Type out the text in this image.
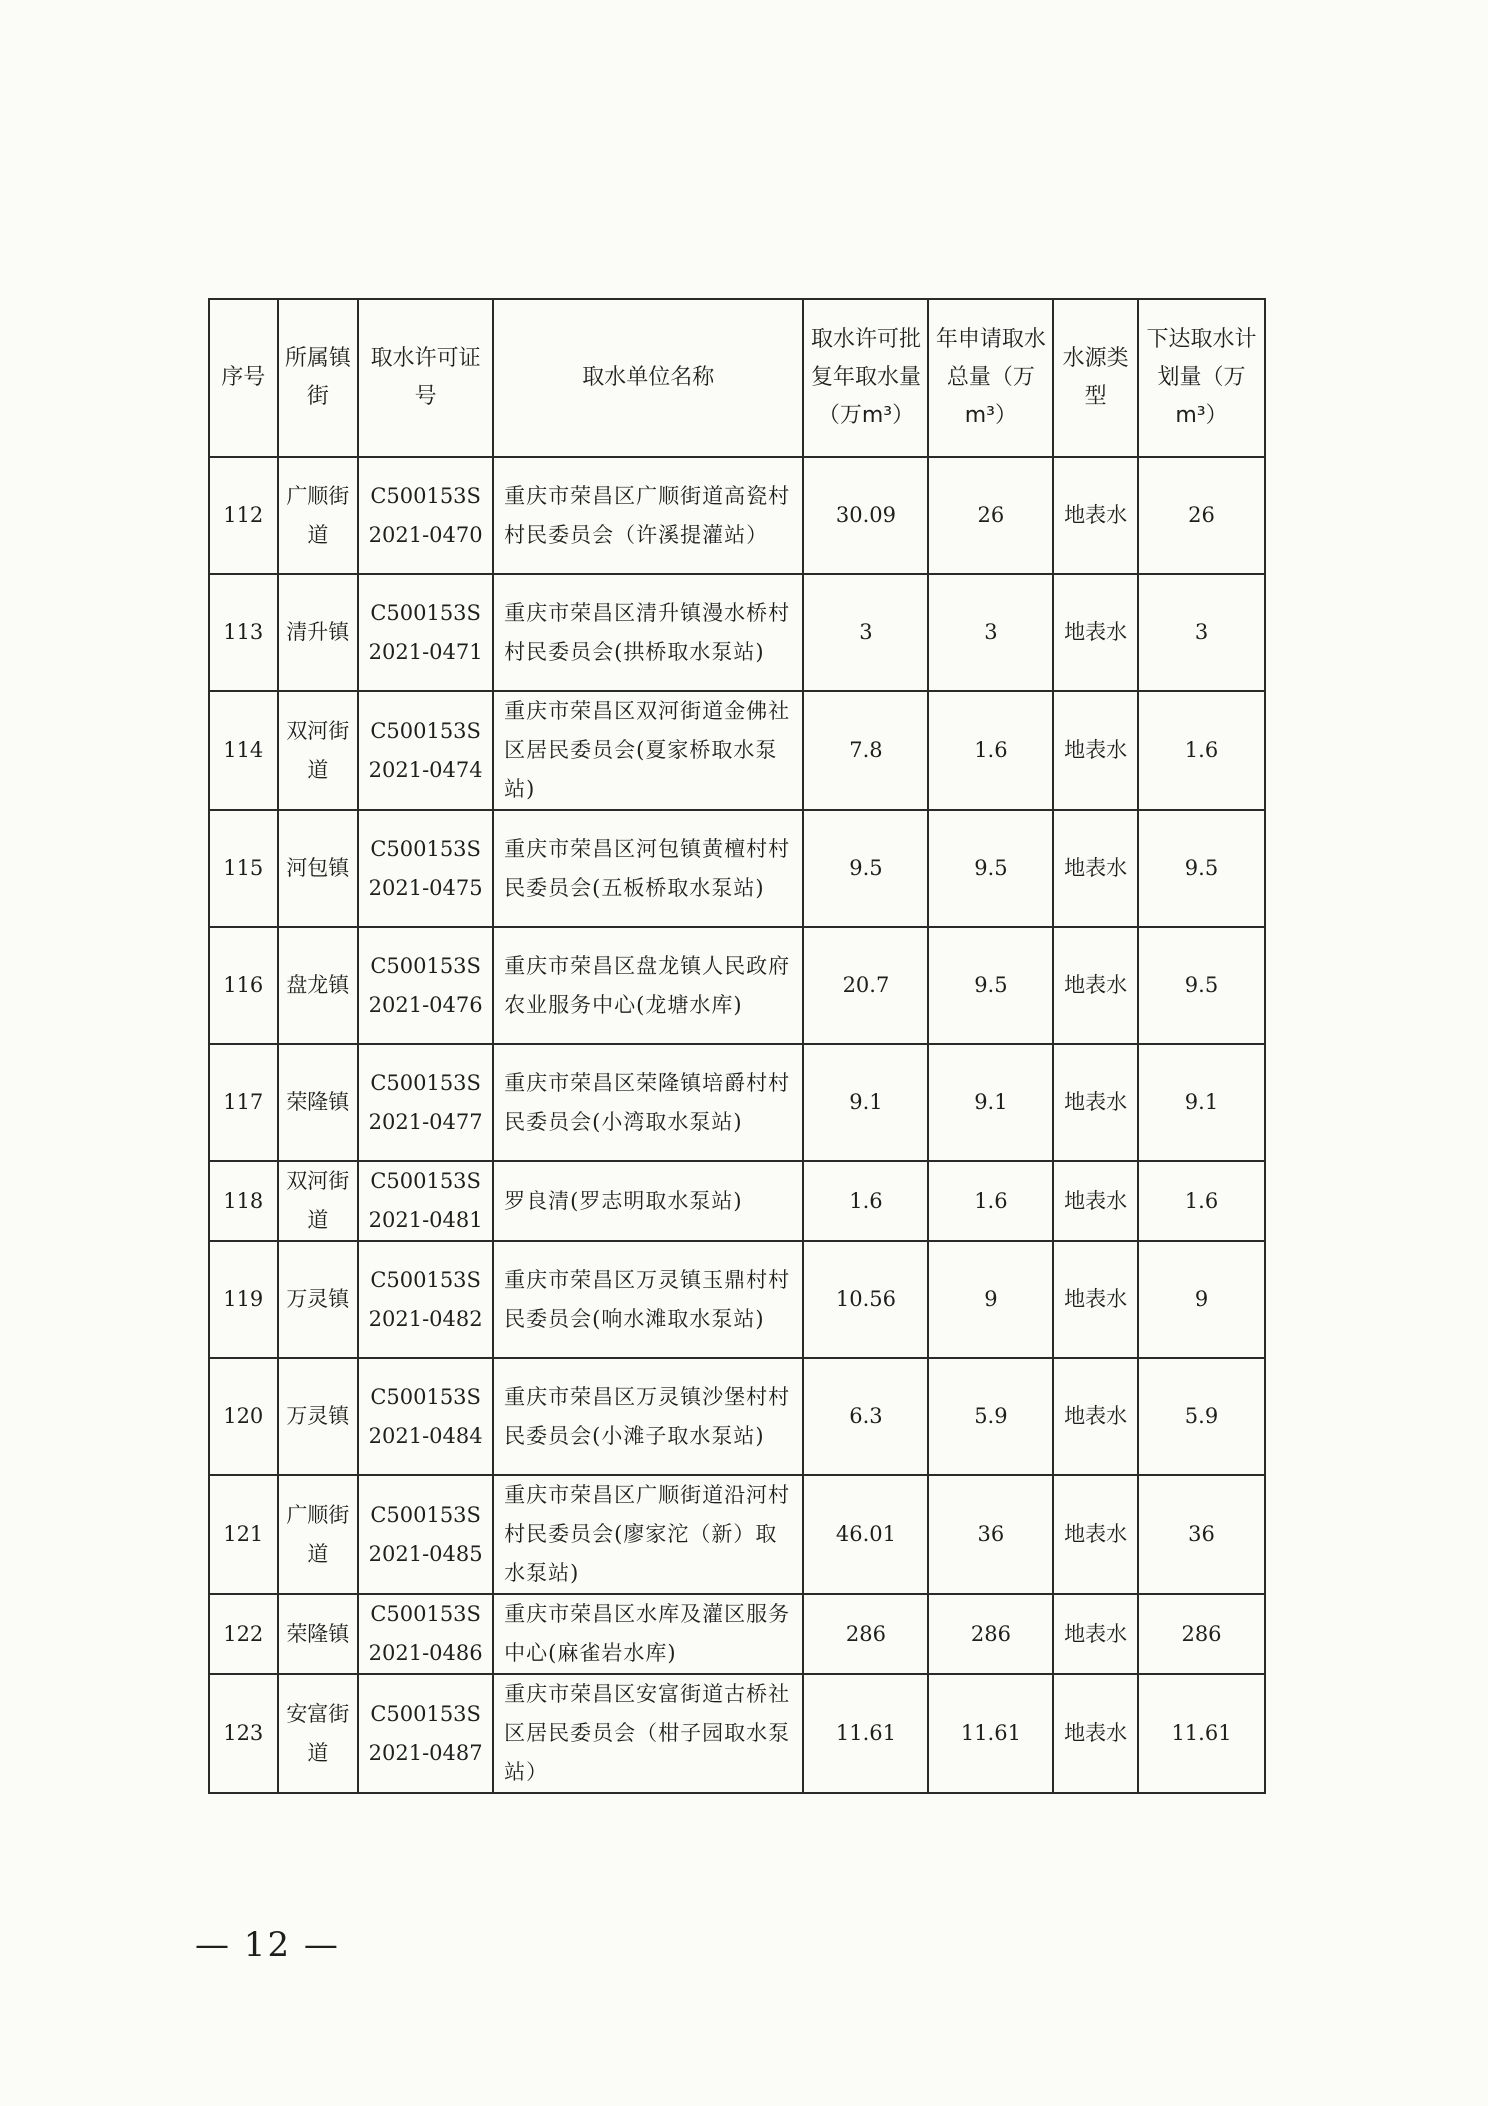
序号	所属镇街	取水许可证号	取水单位名称	取水许可批复年取水量（万m³）	年申请取水总量（万m³）	水源类型	下达取水计划量（万m³）
112	广顺街道	C500153S 2021-0470	重庆市荣昌区广顺街道高瓷村村民委员会（许溪提灌站）	30.09	26	地表水	26
113	清升镇	C500153S 2021-0471	重庆市荣昌区清升镇漫水桥村村民委员会(拱桥取水泵站)	3	3	地表水	3
114	双河街道	C500153S 2021-0474	重庆市荣昌区双河街道金佛社区居民委员会(夏家桥取水泵站)	7.8	1.6	地表水	1.6
115	河包镇	C500153S 2021-0475	重庆市荣昌区河包镇黄檀村村民委员会(五板桥取水泵站)	9.5	9.5	地表水	9.5
116	盘龙镇	C500153S 2021-0476	重庆市荣昌区盘龙镇人民政府农业服务中心(龙塘水库)	20.7	9.5	地表水	9.5
117	荣隆镇	C500153S 2021-0477	重庆市荣昌区荣隆镇培爵村村民委员会(小湾取水泵站)	9.1	9.1	地表水	9.1
118	双河街道	C500153S 2021-0481	罗良清(罗志明取水泵站)	1.6	1.6	地表水	1.6
119	万灵镇	C500153S 2021-0482	重庆市荣昌区万灵镇玉鼎村村民委员会(响水滩取水泵站)	10.56	9	地表水	9
120	万灵镇	C500153S 2021-0484	重庆市荣昌区万灵镇沙堡村村民委员会(小滩子取水泵站)	6.3	5.9	地表水	5.9
121	广顺街道	C500153S 2021-0485	重庆市荣昌区广顺街道沿河村村民委员会(廖家沱（新）取水泵站)	46.01	36	地表水	36
122	荣隆镇	C500153S 2021-0486	重庆市荣昌区水库及灌区服务中心(麻雀岩水库)	286	286	地表水	286
123	安富街道	C500153S 2021-0487	重庆市荣昌区安富街道古桥社区居民委员会（柑子园取水泵站）	11.61	11.61	地表水	11.61
— 12 —
